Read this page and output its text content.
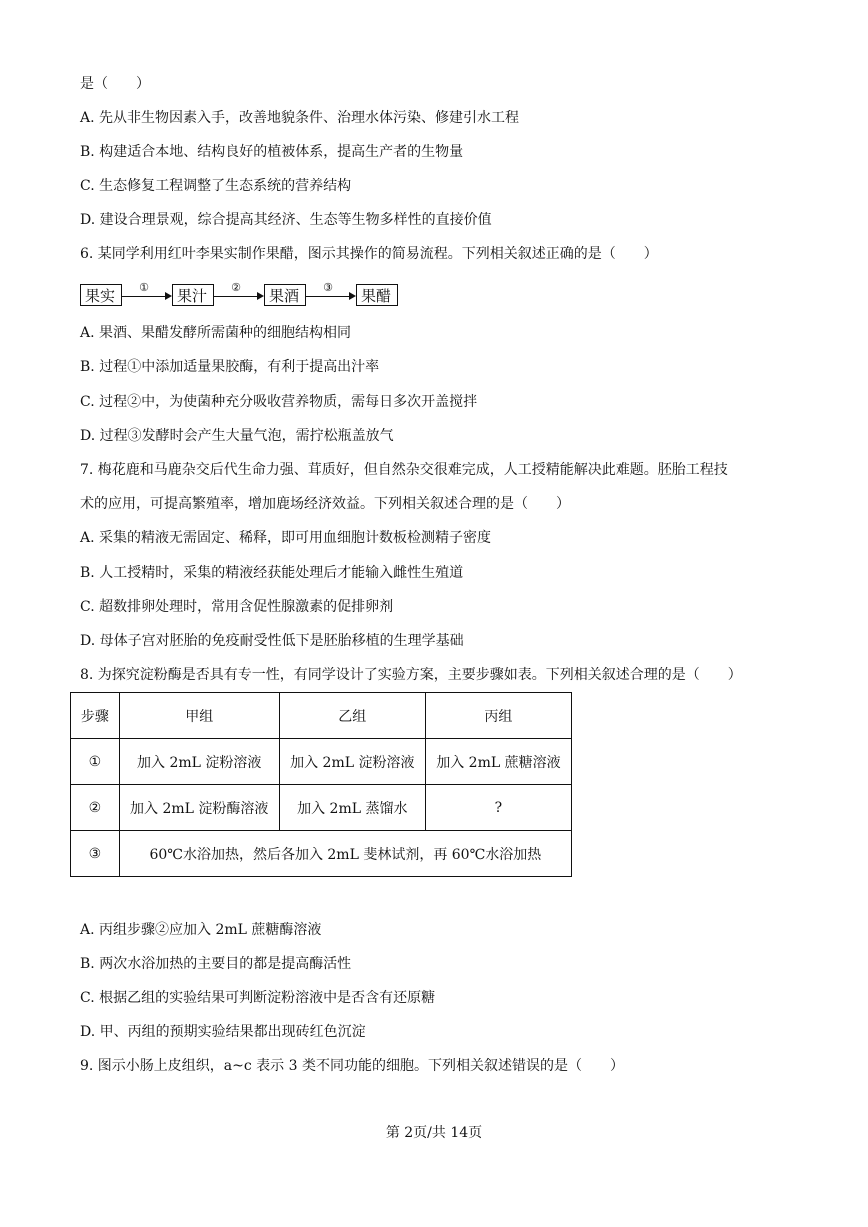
是（　　）
A. 先从非生物因素入手，改善地貌条件、治理水体污染、修建引水工程
B. 构建适合本地、结构良好的植被体系，提高生产者的生物量
C. 生态修复工程调整了生态系统的营养结构
D. 建设合理景观，综合提高其经济、生态等生物多样性的直接价值
6. 某同学利用红叶李果实制作果醋，图示其操作的简易流程。下列相关叙述正确的是（　　）
果实	①	果汁	②	果酒	③	果醋
A. 果酒、果醋发酵所需菌种的细胞结构相同
B. 过程①中添加适量果胶酶，有利于提高出汁率
C. 过程②中，为使菌种充分吸收营养物质，需每日多次开盖搅拌
D. 过程③发酵时会产生大量气泡，需拧松瓶盖放气
7. 梅花鹿和马鹿杂交后代生命力强、茸质好，但自然杂交很难完成，人工授精能解决此难题。胚胎工程技
术的应用，可提高繁殖率，增加鹿场经济效益。下列相关叙述合理的是（　　）
A. 采集的精液无需固定、稀释，即可用血细胞计数板检测精子密度
B. 人工授精时，采集的精液经获能处理后才能输入雌性生殖道
C. 超数排卵处理时，常用含促性腺激素的促排卵剂
D. 母体子宫对胚胎的免疫耐受性低下是胚胎移植的生理学基础
8. 为探究淀粉酶是否具有专一性，有同学设计了实验方案，主要步骤如表。下列相关叙述合理的是（　　）
步骤	甲组	乙组	丙组
①	加入 2mL 淀粉溶液	加入 2mL 淀粉溶液	加入 2mL 蔗糖溶液
②	加入 2mL 淀粉酶溶液	加入 2mL 蒸馏水	?
③	60℃水浴加热，然后各加入 2mL 斐林试剂，再 60℃水浴加热		
A. 丙组步骤②应加入 2mL 蔗糖酶溶液
B. 两次水浴加热的主要目的都是提高酶活性
C. 根据乙组的实验结果可判断淀粉溶液中是否含有还原糖
D. 甲、丙组的预期实验结果都出现砖红色沉淀
9. 图示小肠上皮组织，a~c 表示 3 类不同功能的细胞。下列相关叙述错误的是（　　）
第 2页/共 14页
